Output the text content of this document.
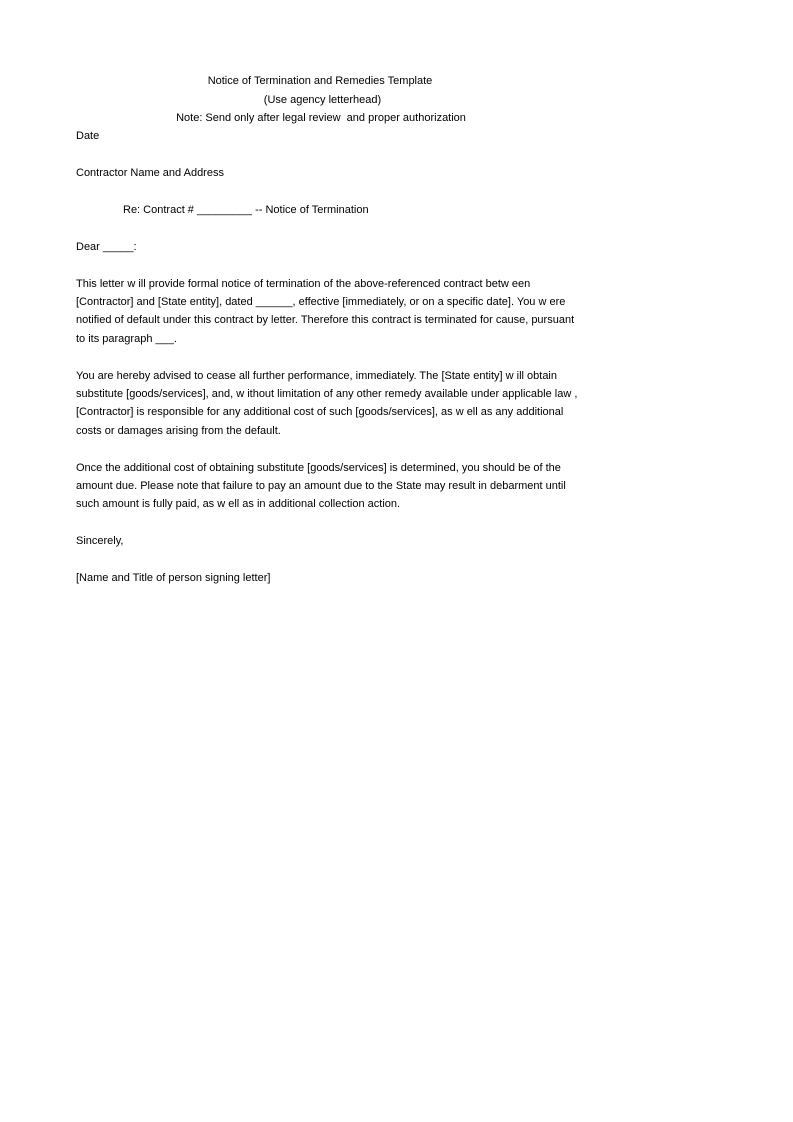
Notice of Termination and Remedies Template
(Use agency letterhead)
Note: Send only after legal review  and proper authorization
Date
Contractor Name and Address
Re: Contract # _________ -- Notice of Termination
Dear _____:
This letter w ill provide formal notice of termination of the above-referenced contract betw een
[Contractor] and [State entity], dated ______, effective [immediately, or on a specific date]. You w ere
notified of default under this contract by letter. Therefore this contract is terminated for cause, pursuant
to its paragraph ___.
You are hereby advised to cease all further performance, immediately. The [State entity] w ill obtain
substitute [goods/services], and, w ithout limitation of any other remedy available under applicable law ,
[Contractor] is responsible for any additional cost of such [goods/services], as w ell as any additional
costs or damages arising from the default.
Once the additional cost of obtaining substitute [goods/services] is determined, you should be of the
amount due. Please note that failure to pay an amount due to the State may result in debarment until
such amount is fully paid, as w ell as in additional collection action.
Sincerely,
[Name and Title of person signing letter]
